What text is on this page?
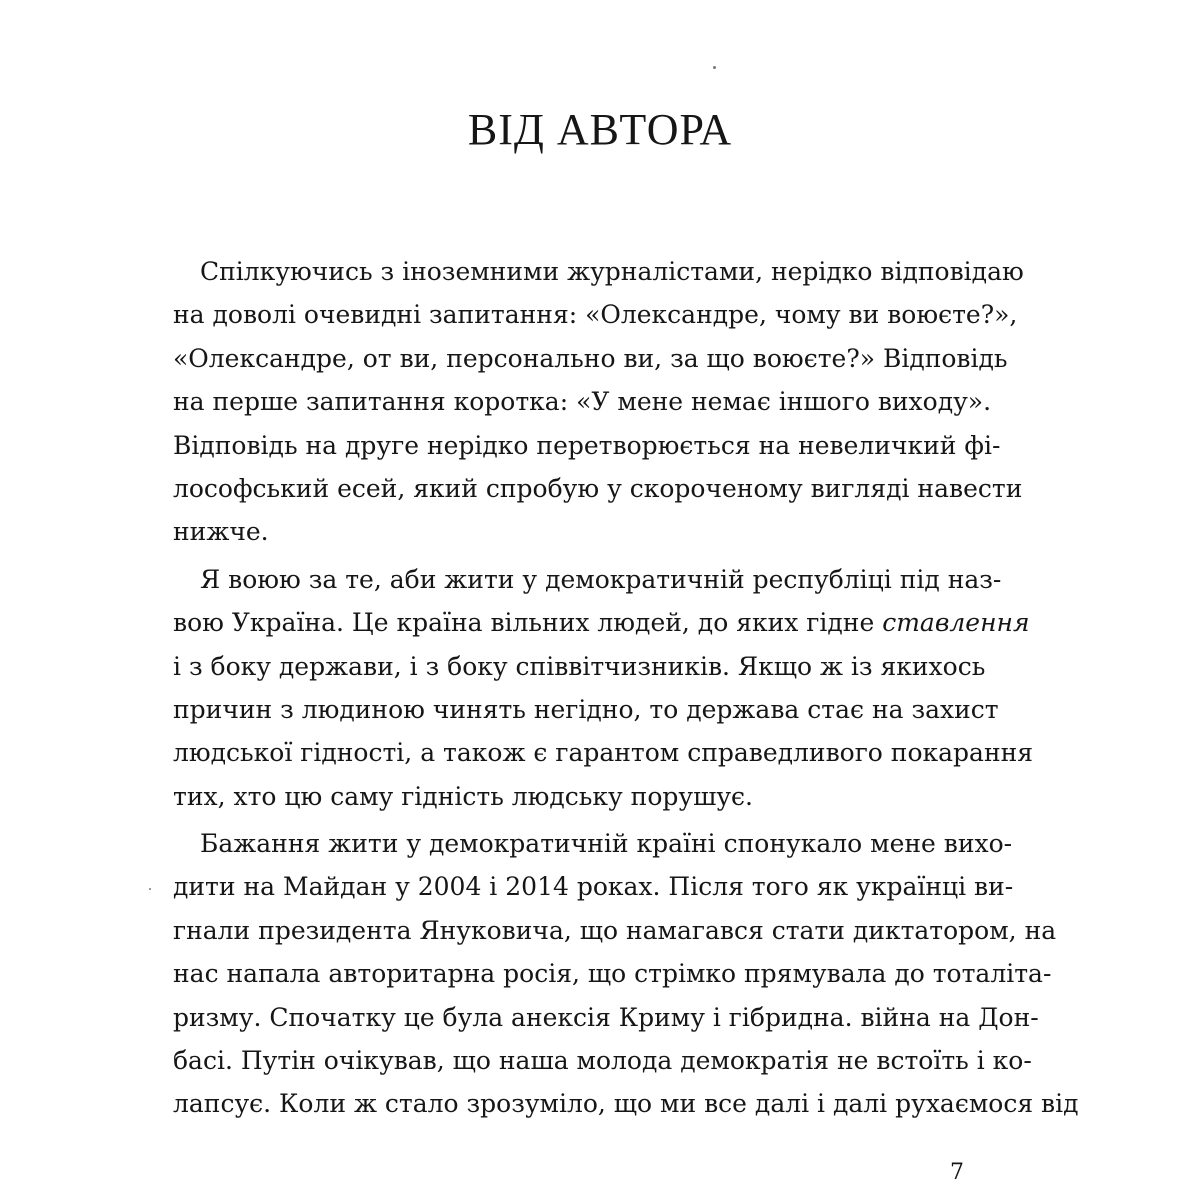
ВІД АВТОРА
Спілкуючись з іноземними журналістами, нерідко відповідаю
на доволі очевидні запитання: «Олександре, чому ви воюєте?»,
«Олександре, от ви, персонально ви, за що воюєте?» Відповідь
на перше запитання коротка: «У мене немає іншого виходу».
Відповідь на друге нерідко перетворюється на невеличкий фі-
лософський есей, який спробую у скороченому вигляді навести
нижче.
Я воюю за те, аби жити у демократичній республіці під наз-
вою Україна. Це країна вільних людей, до яких гідне ставлення
і з боку держави, і з боку співвітчизників. Якщо ж із якихось
причин з людиною чинять негідно, то держава стає на захист
людської гідності, а також є гарантом справедливого покарання
тих, хто цю саму гідність людську порушує.
Бажання жити у демократичній країні спонукало мене вихо-
дити на Майдан у 2004 і 2014 роках. Після того як українці ви-
гнали президента Януковича, що намагався стати диктатором, на
нас напала авторитарна росія, що стрімко прямувала до тоталіта-
ризму. Спочатку це була анексія Криму і гібридна. війна на Дон-
басі. Путін очікував, що наша молода демократія не встоїть і ко-
лапсує. Коли ж стало зрозуміло, що ми все далі і далі рухаємося від
7
